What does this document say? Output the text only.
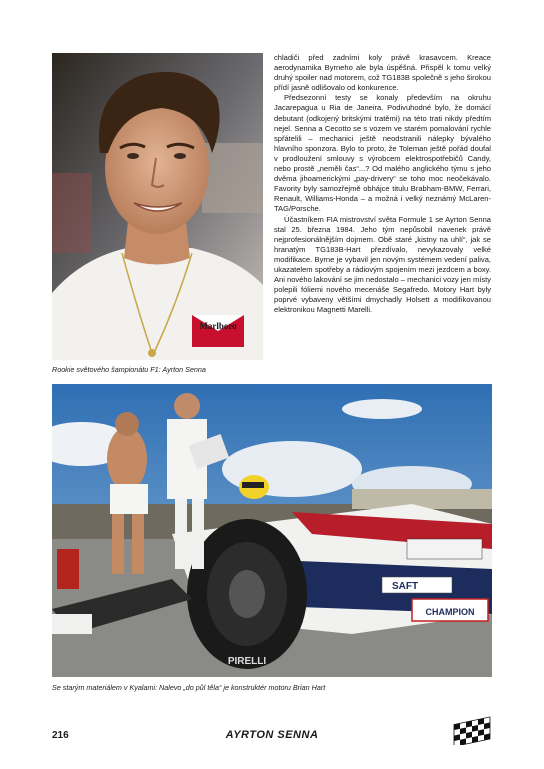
Marlboro
Rookie světového šampionátu F1: Ayrton Senna

chladiči před zadními koly právě krasavcem. Kreace aerodynamika Byrneho ale byla úspěšná. Přispěl k tomu velký druhý spoiler nad motorem, což TG183B společně s jeho širokou přídí jasně odlišovalo od konkurence.

Předsezonní testy se konaly především na okruhu Jacarepagua u Ria de Janeira. Podivuhodné bylo, že domácí debutant (odkojený britskými tratěmi) na této trati nikdy předtím nejel. Senna a Cecotto se s vozem ve starém pomalování rychle spřátelili – mechanici ještě neodstranili nálepky bývalého hlavního sponzora. Bylo to proto, že Toleman ještě pořád doufal v prodloužení smlouvy s výrobcem elektrospotřebičů Candy, nebo prostě „neměli čas“...? Od malého anglického týmu s jeho dvěma jihoamerickými „pay-drivery“ se toho moc neočekávalo. Favority byly samozřejmě obhájce titulu Brabham-BMW, Ferrari, Renault, Williams-Honda – a možná i velký neznámý McLaren-TAG/Porsche.

Účastníkem FIA mistrovství světa Formule 1 se Ayrton Senna stal 25. března 1984. Jeho tým nepůsobil navenek právě nejprofesionálnějším dojmem. Obě staré „kistny na uhlí“, jak se hranatým TG183B-Hart přezdívalo, nevykazovaly velké modifikace. Byrne je vybavil jen novým systémem vedení paliva, ukazatelem spotřeby a rádiovým spojením mezi jezdcem a boxy. Ani nového lakování se jim nedostalo – mechanici vozy jen místy polepili fóliemi nového mecenáše Segafredo. Motory Hart byly poprvé vybaveny většími dmychadly Holsett a modifikovanou elektronikou Magnetti Marelli.

SAFT
CHAMPION
PIRELLI
Se starým materiálem v Kyalami: Nalevo „do půl těla“ je konstruktér motoru Brian Hart
216	AYRTON SENNA
